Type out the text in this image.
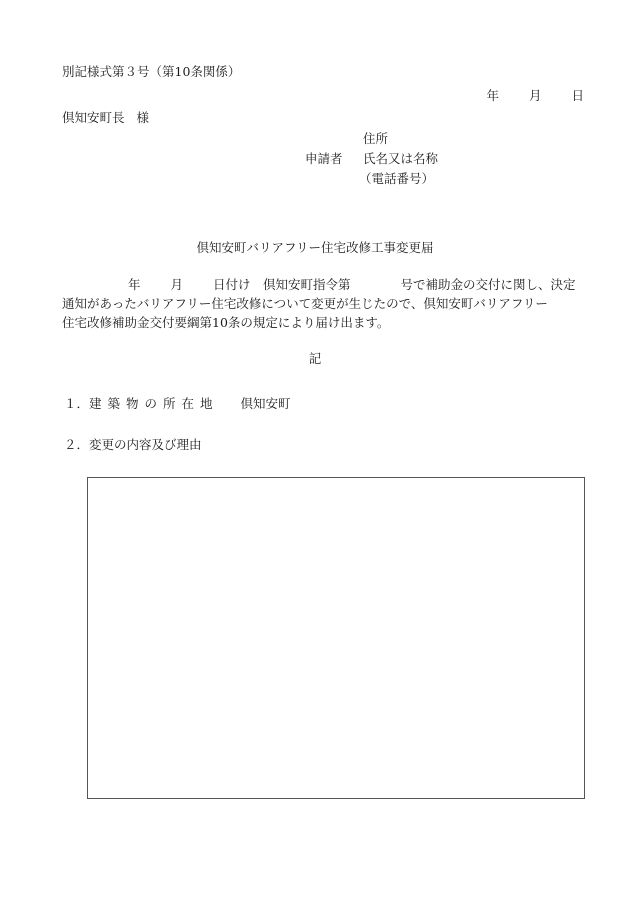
別記様式第３号（第10条関係）
年 月 日
倶知安町長 様
住所
申請者	氏名又は名称
（電話番号）
倶知安町バリアフリー住宅改修工事変更届
年 月 日付け　倶知安町指令第	号で補助金の交付に関し、決定
通知があったバリアフリー住宅改修について変更が生じたので、倶知安町バリアフリー
住宅改修補助金交付要綱第10条の規定により届け出ます。
記
１．建築物の所在地 倶知安町
２．変更の内容及び理由
